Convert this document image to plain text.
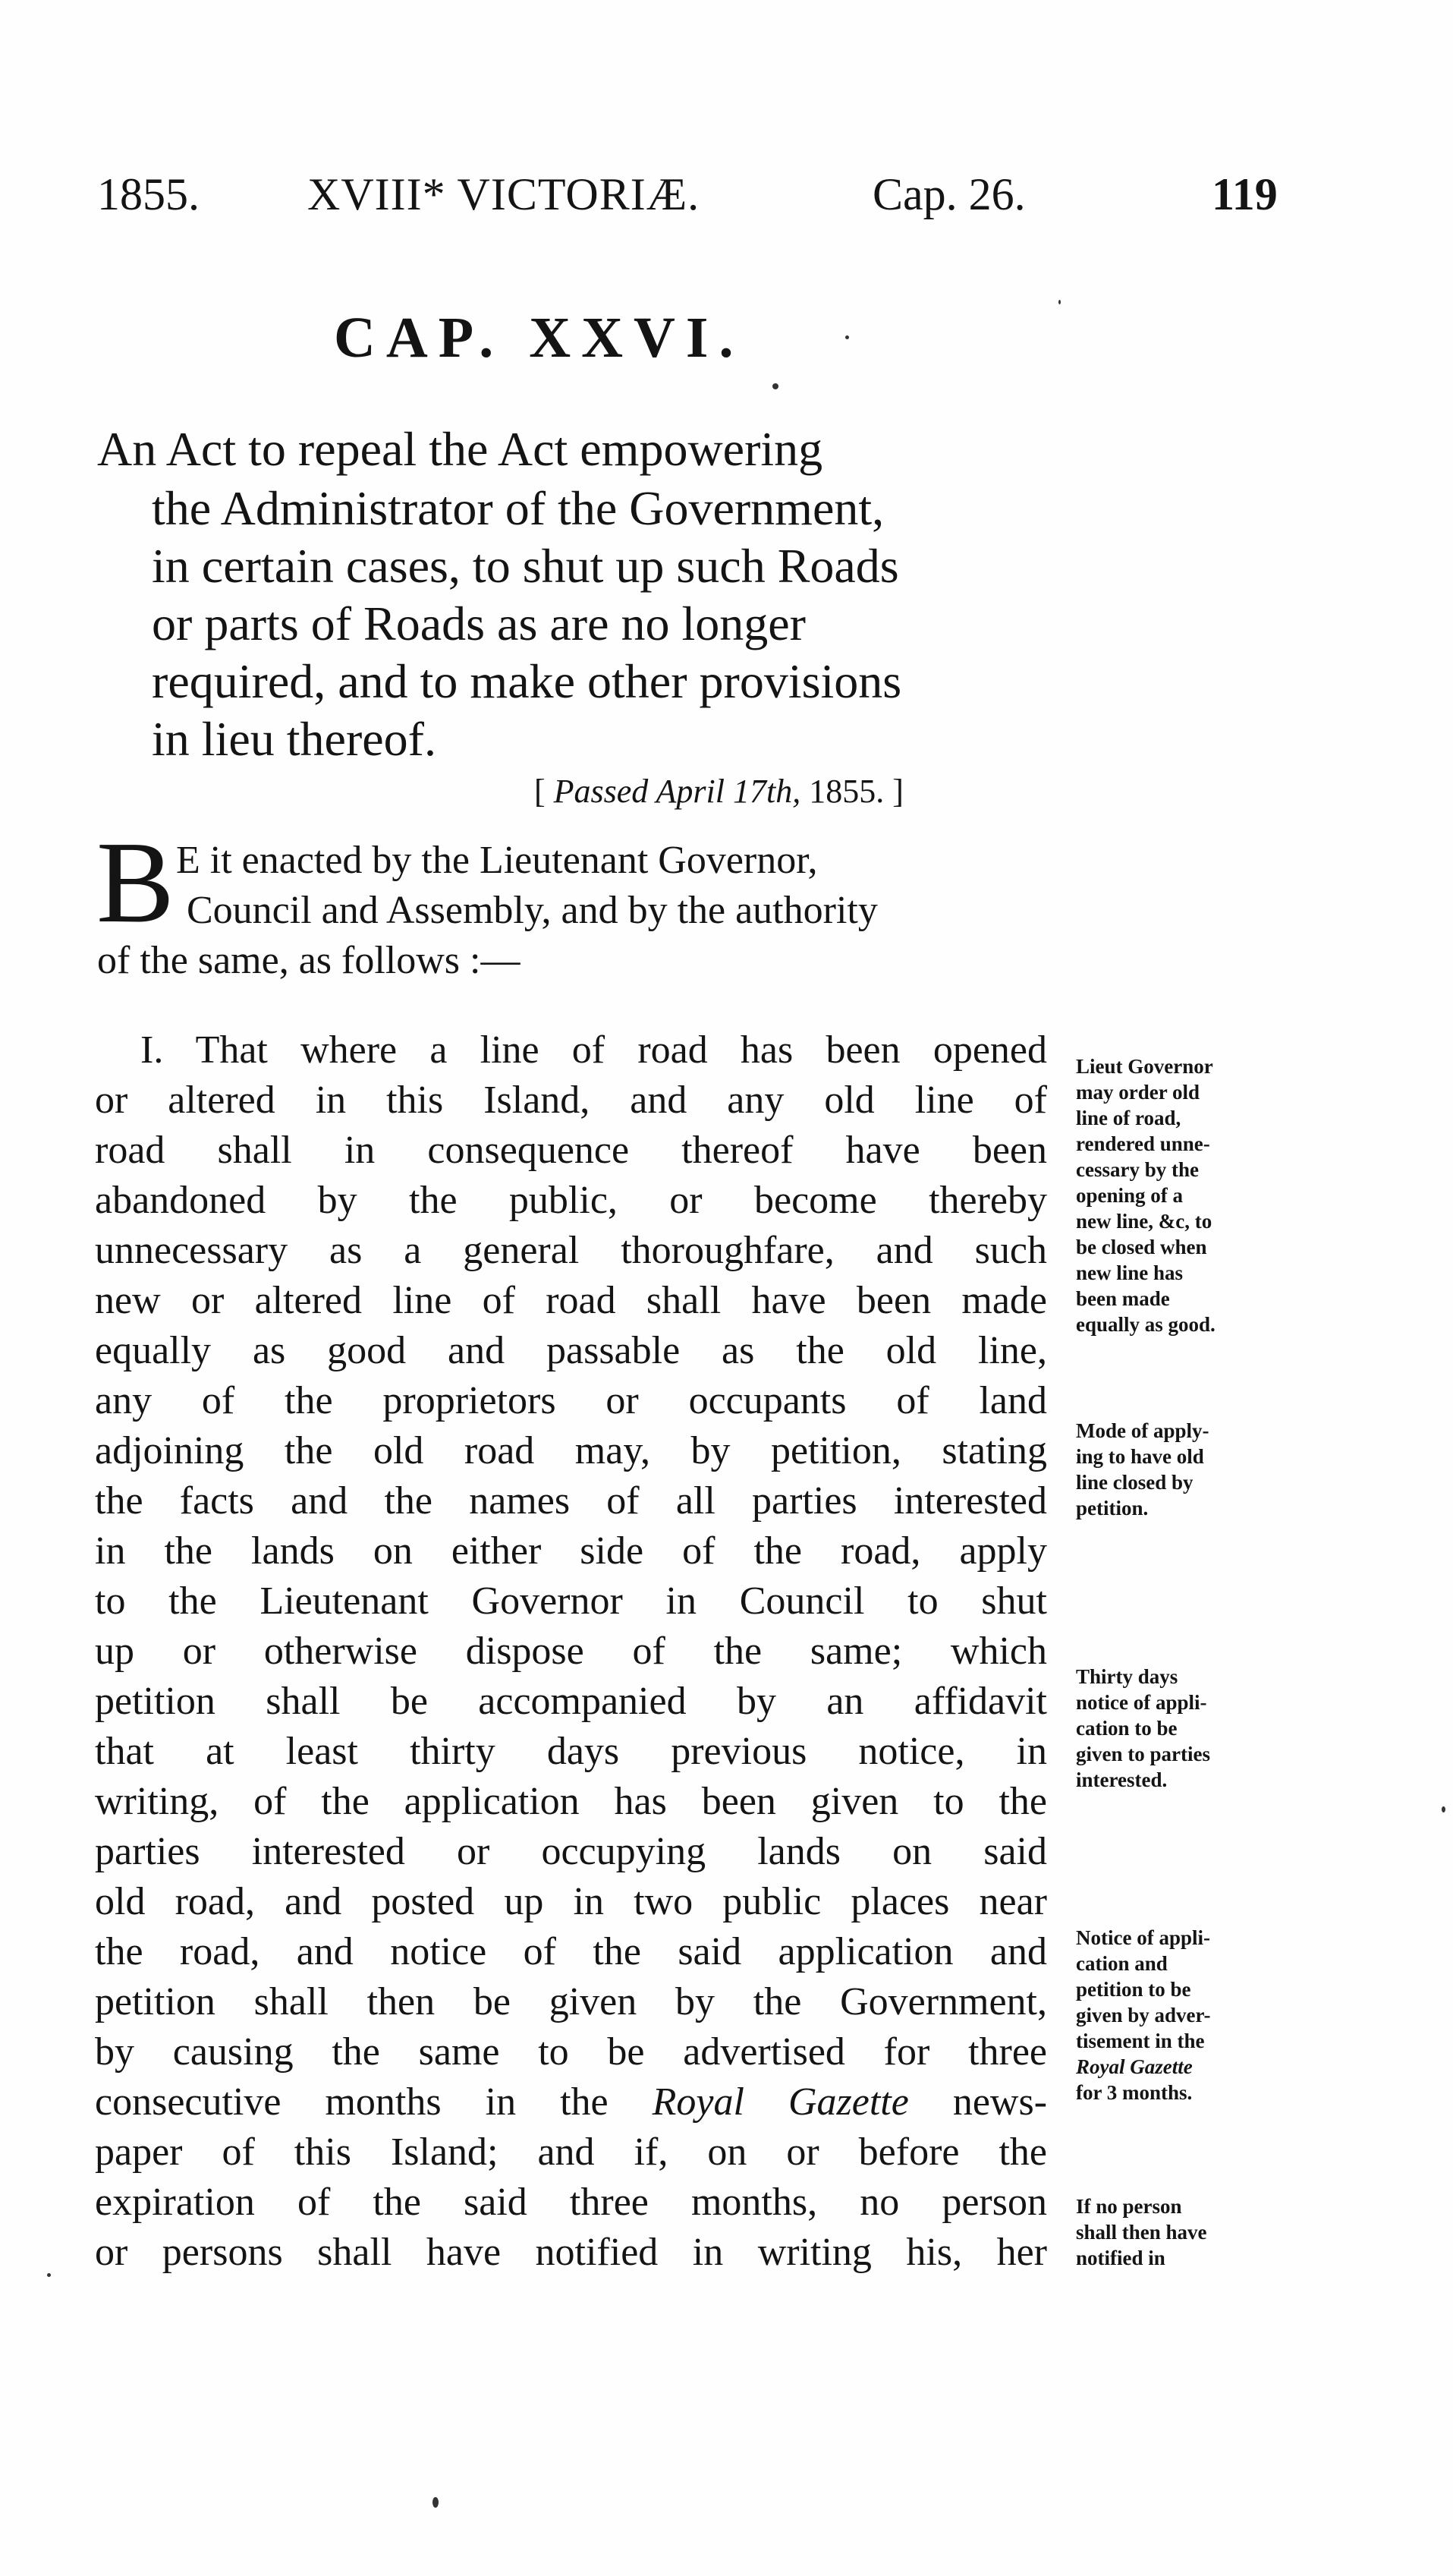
1855. XVIII* VICTORIÆ.	Cap. 26.	119
CAP. XXVI.
An Act to repeal the Act empowering
the Administrator of the Government,
in certain cases, to shut up such Roads
or parts of Roads as are no longer
required, and to make other provisions
in lieu thereof.
[ Passed April 17th, 1855. ]
B E it enacted by the Lieutenant Governor,
Council and Assembly, and by the authority
of the same, as follows :—
I. That where a line of road has been opened
or altered in this Island, and any old line of
road shall in consequence thereof have been
abandoned by the public, or become thereby
unnecessary as a general thoroughfare, and such
new or altered line of road shall have been made
equally as good and passable as the old line,
any of the proprietors or occupants of land
adjoining the old road may, by petition, stating
the facts and the names of all parties interested
in the lands on either side of the road, apply
to the Lieutenant Governor in Council to shut
up or otherwise dispose of the same; which
petition shall be accompanied by an affidavit
that at least thirty days previous notice, in
writing, of the application has been given to the
parties interested or occupying lands on said
old road, and posted up in two public places near
the road, and notice of the said application and
petition shall then be given by the Government,
by causing the same to be advertised for three
consecutive months in the Royal Gazette news-
paper of this Island; and if, on or before the
expiration of the said three months, no person
or persons shall have notified in writing his, her
Lieut Governor
may order old
line of road,
rendered unne-
cessary by the
opening of a
new line, &c, to
be closed when
new line has
been made
equally as good.
Mode of apply-
ing to have old
line closed by
petition.
Thirty days
notice of appli-
cation to be
given to parties
interested.
Notice of appli-
cation and
petition to be
given by adver-
tisement in the
Royal Gazette
for 3 months.
If no person
shall then have
notified in
